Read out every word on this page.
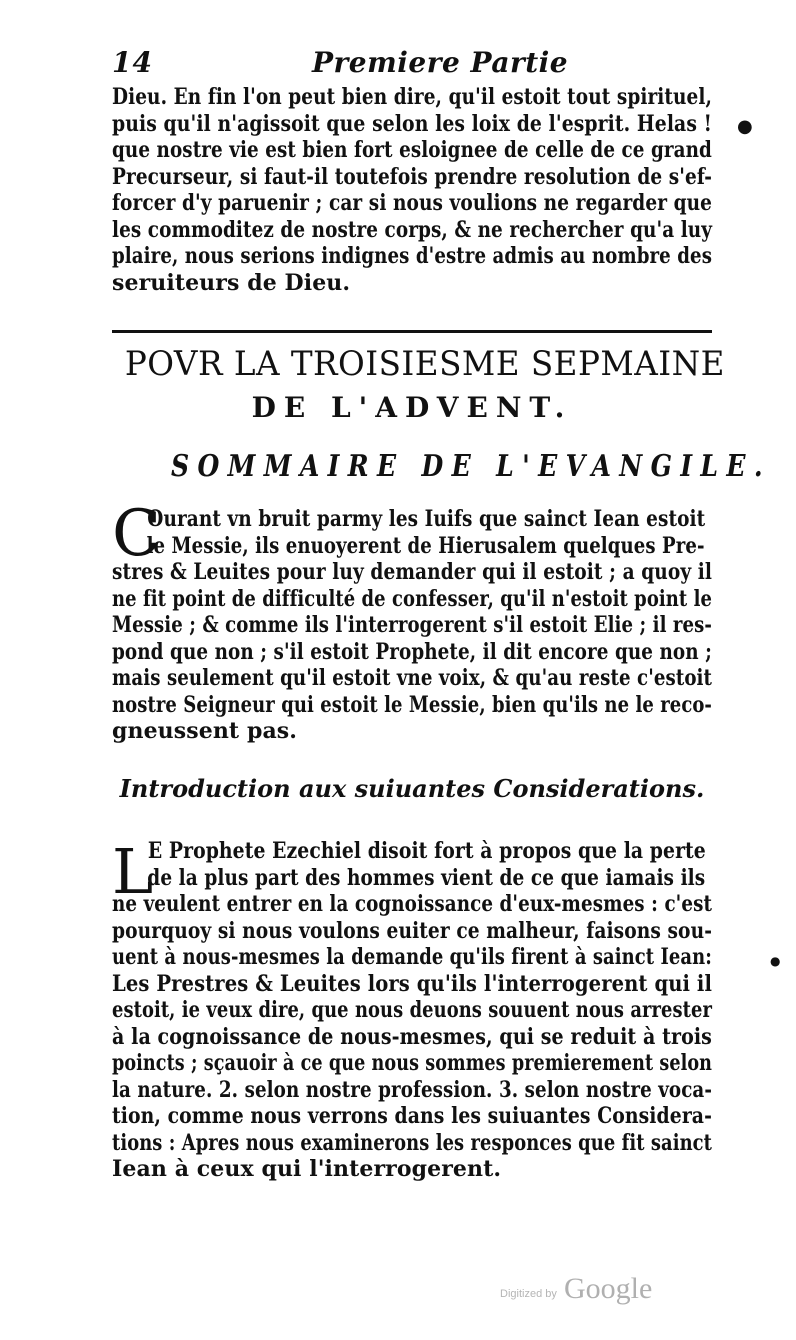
14	Premiere Partie
Dieu. En fin l'on peut bien dire, qu'il estoit tout spirituel,
puis qu'il n'agissoit que selon les loix de l'esprit. Helas !
que nostre vie est bien fort esloignee de celle de ce grand
Precurseur, si faut-il toutefois prendre resolution de s'ef-
forcer d'y paruenir ; car si nous voulions ne regarder que
les commoditez de nostre corps, & ne rechercher qu'a luy
plaire, nous serions indignes d'estre admis au nombre des
seruiteurs de Dieu.
POVR LA TROISIESME SEPMAINE
DE L'ADVENT.
SOMMAIRE DE L'EVANGILE.
C
Ourant vn bruit parmy les Iuifs que sainct Iean estoit
le Messie, ils enuoyerent de Hierusalem quelques Pre-
stres & Leuites pour luy demander qui il estoit ; a quoy il
ne fit point de difficulté de confesser, qu'il n'estoit point le
Messie ; & comme ils l'interrogerent s'il estoit Elie ; il res-
pond que non ; s'il estoit Prophete, il dit encore que non ;
mais seulement qu'il estoit vne voix, & qu'au reste c'estoit
nostre Seigneur qui estoit le Messie, bien qu'ils ne le reco-
gneussent pas.
Introduction aux suiuantes Considerations.
L
E Prophete Ezechiel disoit fort à propos que la perte
de la plus part des hommes vient de ce que iamais ils
ne veulent entrer en la cognoissance d'eux-mesmes : c'est
pourquoy si nous voulons euiter ce malheur, faisons sou-
uent à nous-mesmes la demande qu'ils firent à sainct Iean:
Les Prestres & Leuites lors qu'ils l'interrogerent qui il
estoit, ie veux dire, que nous deuons souuent nous arrester
à la cognoissance de nous-mesmes, qui se reduit à trois
poincts ; sçauoir à ce que nous sommes premierement selon
la nature. 2. selon nostre profession. 3. selon nostre voca-
tion, comme nous verrons dans les suiuantes Considera-
tions : Apres nous examinerons les responces que fit sainct
Iean à ceux qui l'interrogerent.
●
●
Digitized by Google
